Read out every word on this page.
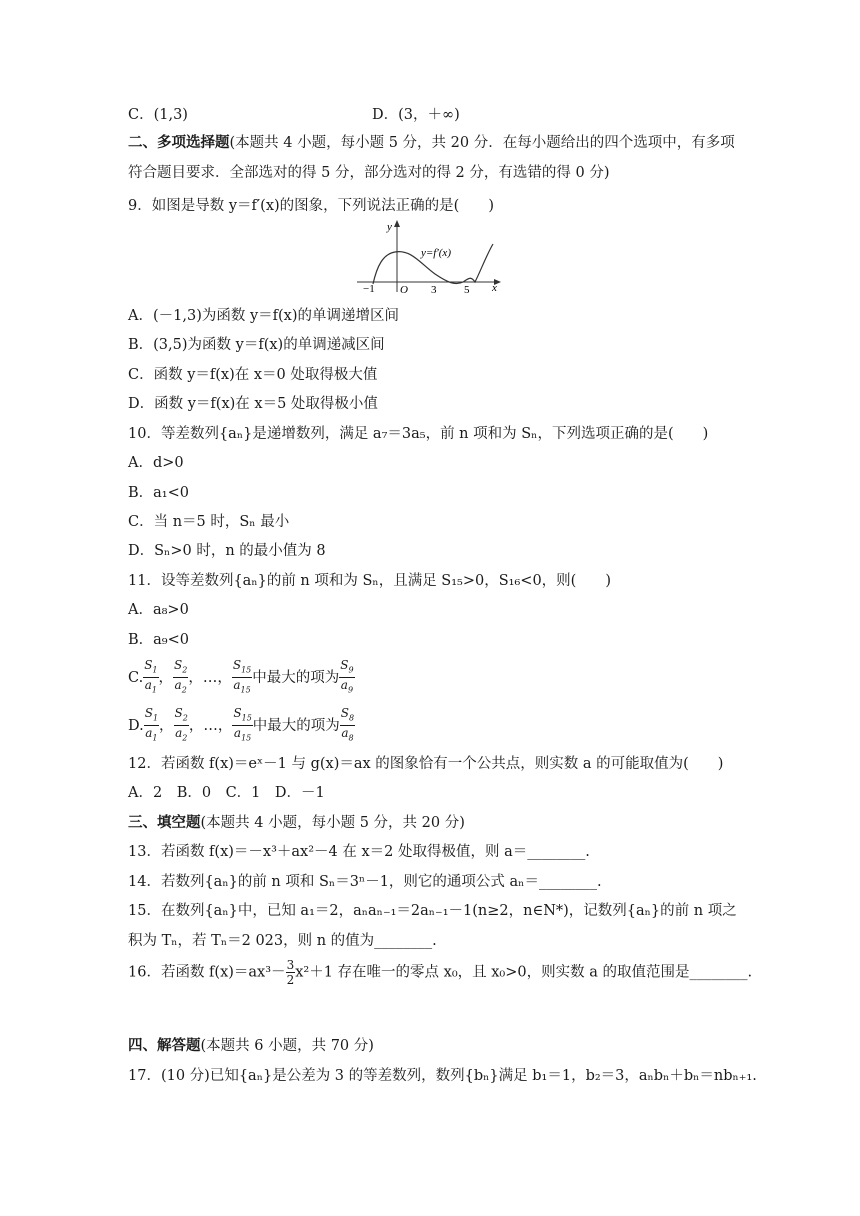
C．(1,3)	D．(3，＋∞)
二、多项选择题(本题共 4 小题，每小题 5 分，共 20 分．在每小题给出的四个选项中，有多项符合题目要求．全部选对的得 5 分，部分选对的得 2 分，有选错的得 0 分)
9．如图是导数 y＝f′(x)的图象，下列说法正确的是(　　)
y
x
y=f′(x)
−1 O 3	5
A．(－1,3)为函数 y＝f(x)的单调递增区间
B．(3,5)为函数 y＝f(x)的单调递减区间
C．函数 y＝f(x)在 x＝0 处取得极大值
D．函数 y＝f(x)在 x＝5 处取得极小值
10．等差数列{aₙ}是递增数列，满足 a₇＝3a₅，前 n 项和为 Sₙ，下列选项正确的是(　　)
A．d>0
B．a₁<0
C．当 n＝5 时，Sₙ 最小
D．Sₙ>0 时，n 的最小值为 8
11．设等差数列{aₙ}的前 n 项和为 Sₙ，且满足 S₁₅>0，S₁₆<0，则(　　)
A．a₈>0
B．a₉<0
C. $\frac{S_1}{a_1}$ ， $\frac{S_2}{a_2}$ ，…， $\frac{S_{15}}{a_{15}}$ 中最大的项为 $\frac{S_9}{a_9}$
D. $\frac{S_1}{a_1}$ ， $\frac{S_2}{a_2}$ ，…， $\frac{S_{15}}{a_{15}}$ 中最大的项为 $\frac{S_8}{a_8}$
12．若函数 f(x)＝eˣ－1 与 g(x)＝ax 的图象恰有一个公共点，则实数 a 的可能取值为(　　)
A．2　B．0　C．1　D．－1
三、填空题(本题共 4 小题，每小题 5 分，共 20 分)
13．若函数 f(x)＝－x³＋ax²－4 在 x＝2 处取得极值，则 a＝________.
14．若数列{aₙ}的前 n 项和 Sₙ＝3ⁿ－1，则它的通项公式 aₙ＝________.
15．在数列{aₙ}中，已知 a₁＝2，aₙaₙ₋₁＝2aₙ₋₁－1(n≥2，n∈N*)，记数列{aₙ}的前 n 项之积为 Tₙ，若 Tₙ＝2 023，则 n 的值为________.
16．若函数 $f(x)=ax^3- \frac{3}{2} x^2+1$ 存在唯一的零点 x₀，且 x₀>0，则实数 a 的取值范围是________.
四、解答题(本题共 6 小题，共 70 分)
17．(10 分)已知{aₙ}是公差为 3 的等差数列，数列{bₙ}满足 b₁＝1，b₂＝3，aₙbₙ＋bₙ＝nbₙ₊₁.
